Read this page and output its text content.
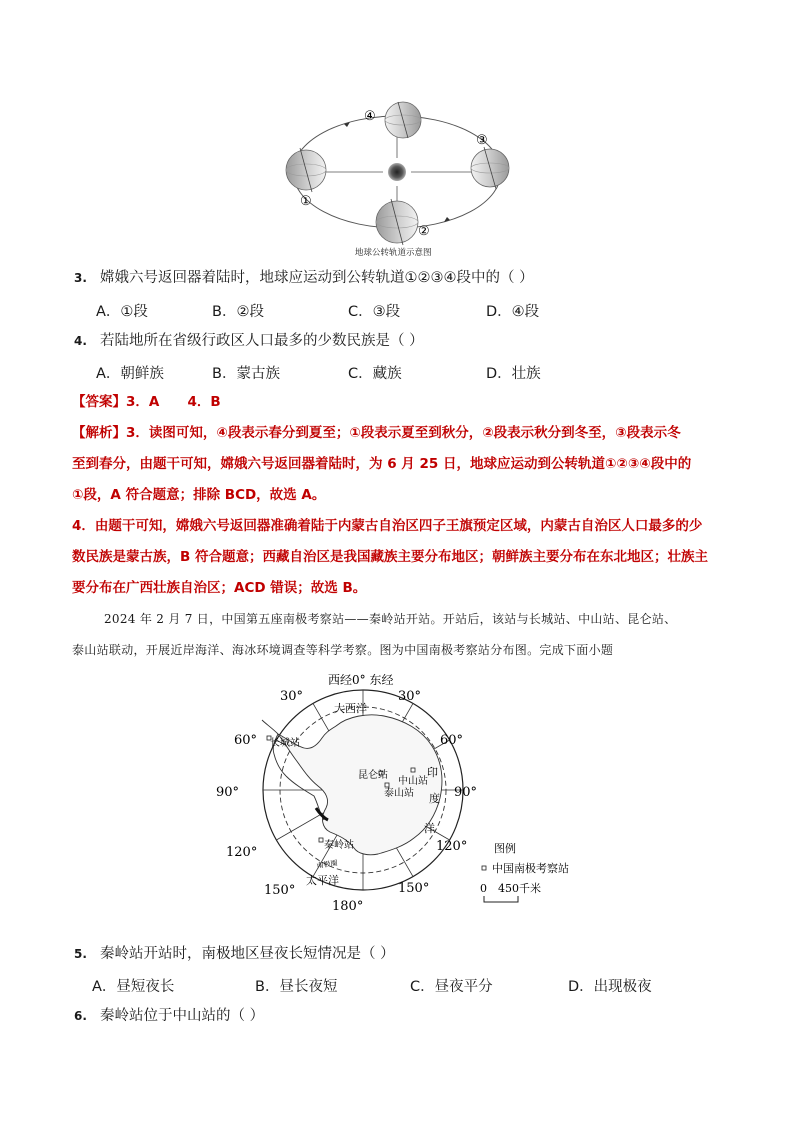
④
①
③
②
地球公转轨道示意图
3. 嫦娥六号返回器着陆时，地球应运动到公转轨道①②③④段中的（ ）
A．①段	B．②段	C．③段	D．④段
4. 若陆地所在省级行政区人口最多的少数民族是（ ）
A．朝鲜族	B．蒙古族	C．藏族	D．壮族
【答案】3．A      4．B
【解析】3．读图可知，④段表示春分到夏至；①段表示夏至到秋分，②段表示秋分到冬至，③段表示冬
至到春分，由题干可知，嫦娥六号返回器着陆时，为 6 月 25 日，地球应运动到公转轨道①②③④段中的
①段，A 符合题意；排除 BCD，故选 A。
4．由题干可知，嫦娥六号返回器准确着陆于内蒙古自治区四子王旗预定区域，内蒙古自治区人口最多的少
数民族是蒙古族，B 符合题意；西藏自治区是我国藏族主要分布地区；朝鲜族主要分布在东北地区；壮族主
要分布在广西壮族自治区；ACD 错误；故选 B。
2024 年 2 月 7 日，中国第五座南极考察站——秦岭站开站。开站后，该站与长城站、中山站、昆仑站、
泰山站联动，开展近岸海洋、海冰环境调查等科学考察。图为中国南极考察站分布图。完成下面小题
西经0° 东经
30°	30°
60°	60°
90°	90°
120°	120°
150°	150°
180°
大西洋
太平洋
印
度
洋
南极圈
长城站
昆仑站
中山站
泰山站
秦岭站	图例
中国南极考察站
0 450千米
5. 秦岭站开站时，南极地区昼夜长短情况是（ ）
A．昼短夜长	B．昼长夜短	C．昼夜平分	D．出现极夜
6. 秦岭站位于中山站的（ ）
